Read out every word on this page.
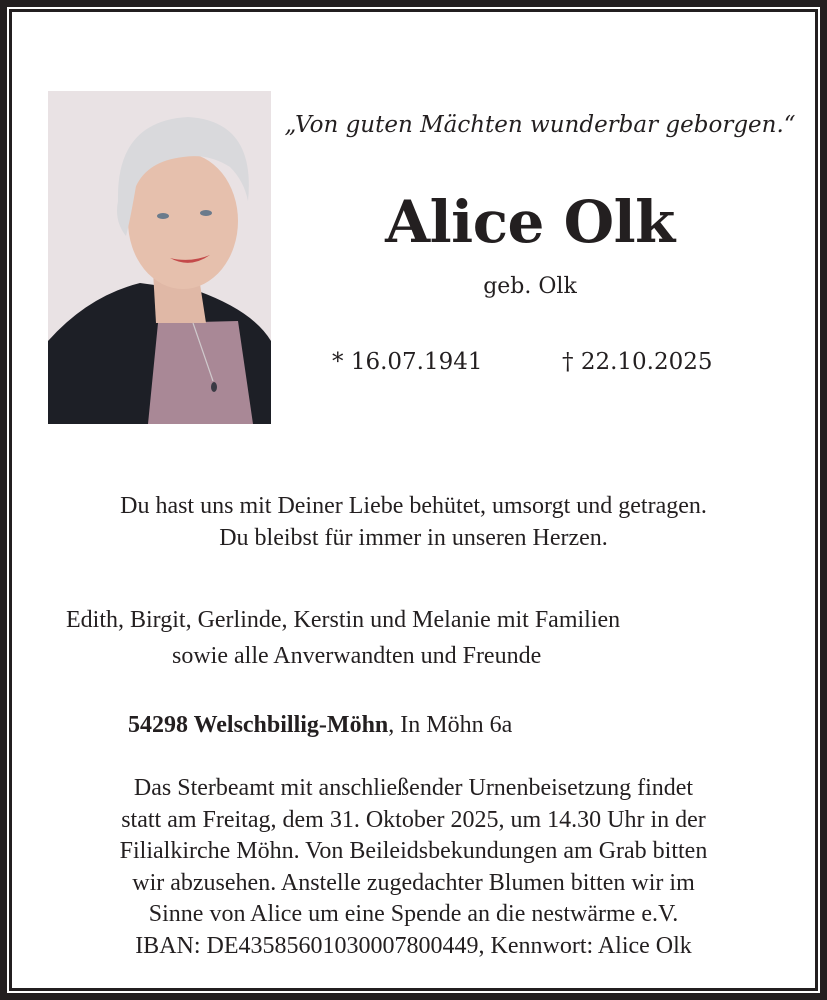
„Von guten Mächten wunderbar geborgen.“
Alice Olk
geb. Olk
* 16.07.1941	† 22.10.2025
Du hast uns mit Deiner Liebe behütet, umsorgt und getragen.
Du bleibst für immer in unseren Herzen.
Edith, Birgit, Gerlinde, Kerstin und Melanie mit Familien
sowie alle Anverwandten und Freunde
54298 Welschbillig-Möhn, In Möhn 6a
Das Sterbeamt mit anschließender Urnenbeisetzung findet
statt am Freitag, dem 31. Oktober 2025, um 14.30 Uhr in der
Filialkirche Möhn. Von Beileidsbekundungen am Grab bitten
wir abzusehen. Anstelle zugedachter Blumen bitten wir im
Sinne von Alice um eine Spende an die nestwärme e.V.
IBAN: DE43585601030007800449, Kennwort: Alice Olk
